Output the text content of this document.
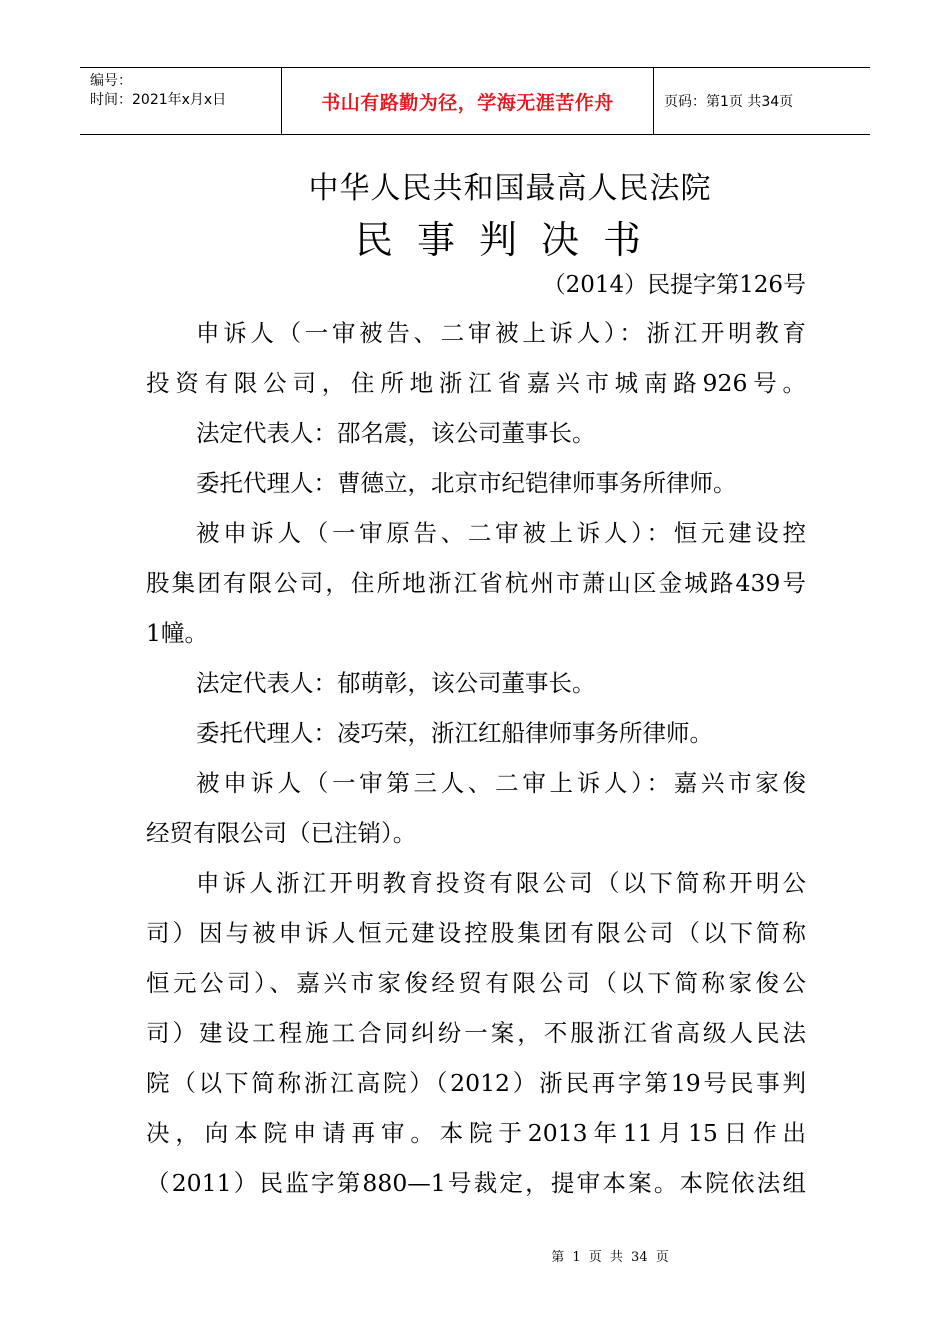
编号：
时间：2021年x月x日	书山有路勤为径，学海无涯苦作舟	页码：第1页 共34页
中华人民共和国最高人民法院
民事判决书
（2014）民提字第126号
申诉人（一审被告、二审被上诉人）：浙江开明教育
投资有限公司，住所地浙江省嘉兴市城南路926号。
法定代表人：邵名震，该公司董事长。
委托代理人：曹德立，北京市纪铠律师事务所律师。
被申诉人（一审原告、二审被上诉人）：恒元建设控
股集团有限公司，住所地浙江省杭州市萧山区金城路439号
1幢。
法定代表人：郁萌彰，该公司董事长。
委托代理人：凌巧荣，浙江红船律师事务所律师。
被申诉人（一审第三人、二审上诉人）：嘉兴市家俊
经贸有限公司（已注销）。
申诉人浙江开明教育投资有限公司（以下简称开明公
司）因与被申诉人恒元建设控股集团有限公司（以下简称
恒元公司）、嘉兴市家俊经贸有限公司（以下简称家俊公
司）建设工程施工合同纠纷一案，不服浙江省高级人民法
院（以下简称浙江高院）（2012）浙民再字第19号民事判
决，向本院申请再审。本院于2013年11月15日作出
（2011）民监字第880—1号裁定，提审本案。本院依法组
第 1 页 共 34 页
